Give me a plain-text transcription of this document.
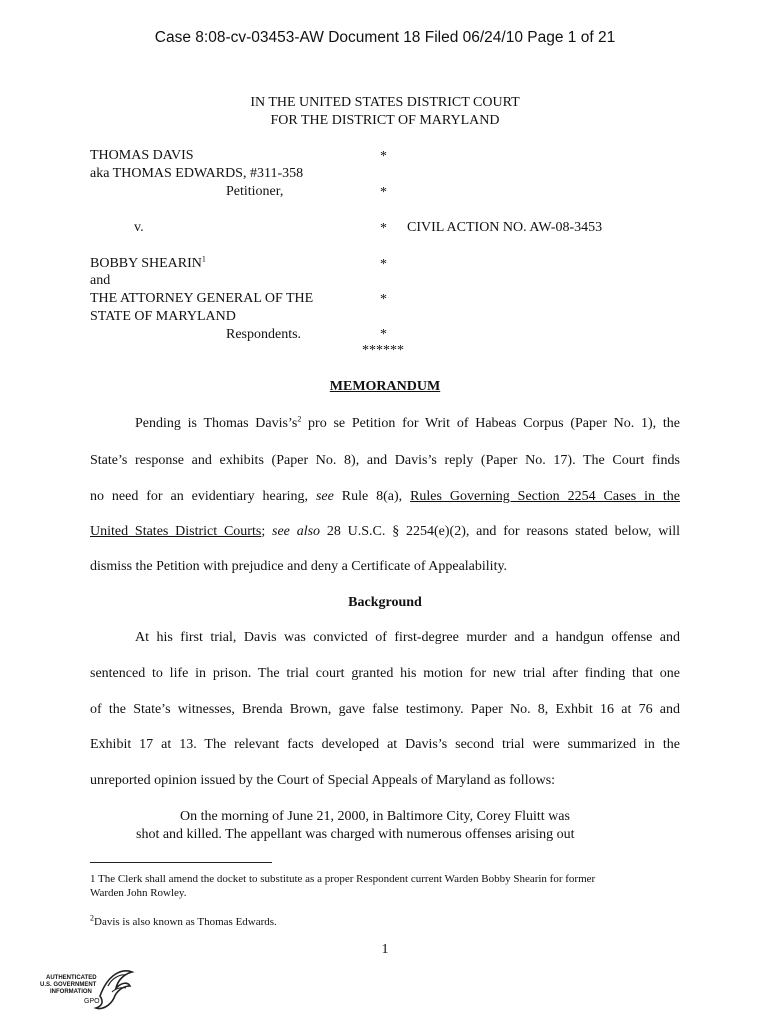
Case 8:08-cv-03453-AW Document 18 Filed 06/24/10 Page 1 of 21
IN THE UNITED STATES DISTRICT COURT
FOR THE DISTRICT OF MARYLAND
THOMAS DAVIS
aka THOMAS EDWARDS, #311-358
Petitioner,
v.
BOBBY SHEARIN$^1$
and
THE ATTORNEY GENERAL OF THE
STATE OF MARYLAND
Respondents.
*
*
*
*
*
*
******
CIVIL ACTION NO. AW-08-3453
MEMORANDUM
Pending is Thomas $Davis’s^2$ pro se Petition for Writ of Habeas Corpus (Paper No. 1), the
State’s response and exhibits (Paper No. 8), and Davis’s reply (Paper No. 17). The Court finds
no need for an evidentiary hearing, see Rule 8(a), Rules Governing Section 2254 Cases in the
United States District Courts; see also 28 U.S.C. § 2254(e)(2), and for reasons stated below, will
dismiss the Petition with prejudice and deny a Certificate of Appealability.
Background
At his first trial, Davis was convicted of first-degree murder and a handgun offense and
sentenced to life in prison. The trial court granted his motion for new trial after finding that one
of the State’s witnesses, Brenda Brown, gave false testimony. Paper No. 8, Exhbit 16 at 76 and
Exhibit 17 at 13. The relevant facts developed at Davis’s second trial were summarized in the
unreported opinion issued by the Court of Special Appeals of Maryland as follows:
On the morning of June 21, 2000, in Baltimore City, Corey Fluitt was
shot and killed. The appellant was charged with numerous offenses arising out
1 The Clerk shall amend the docket to substitute as a proper Respondent current Warden Bobby Shearin for former
Warden John Rowley.
$^2$Davis is also known as Thomas Edwards.
1
AUTHENTICATED
U.S. GOVERNMENT
INFORMATION
GPO
